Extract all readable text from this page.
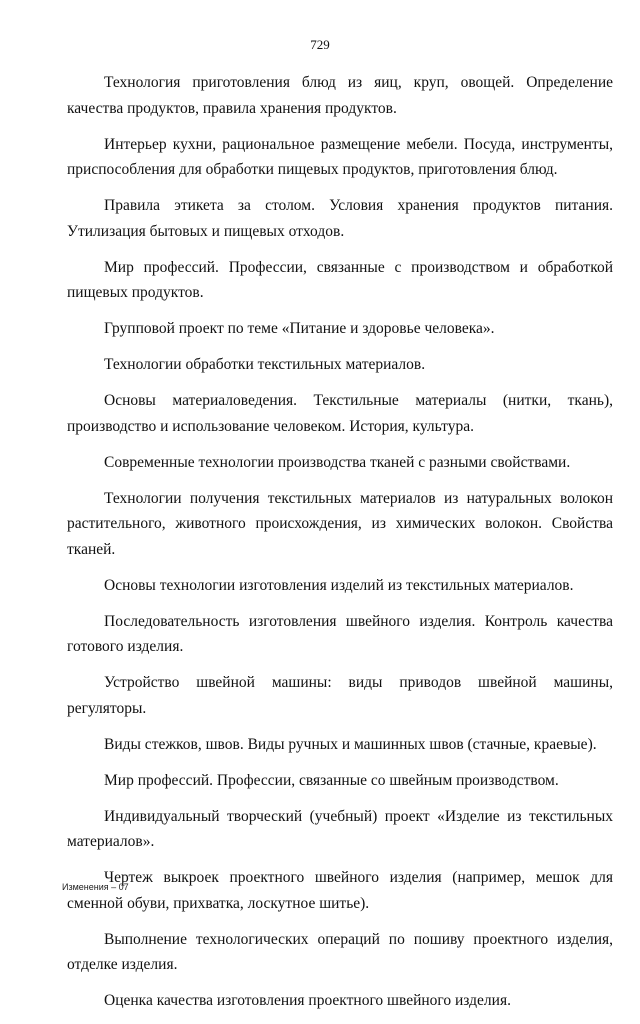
729

Технология приготовления блюд из яиц, круп, овощей. Определение качества продуктов, правила хранения продуктов.

Интерьер кухни, рациональное размещение мебели. Посуда, инструменты, приспособления для обработки пищевых продуктов, приготовления блюд.

Правила этикета за столом. Условия хранения продуктов питания. Утилизация бытовых и пищевых отходов.

Мир профессий. Профессии, связанные с производством и обработкой пищевых продуктов.

Групповой проект по теме «Питание и здоровье человека».

Технологии обработки текстильных материалов.

Основы материаловедения. Текстильные материалы (нитки, ткань), производство и использование человеком. История, культура.

Современные технологии производства тканей с разными свойствами.

Технологии получения текстильных материалов из натуральных волокон растительного, животного происхождения, из химических волокон. Свойства тканей.

Основы технологии изготовления изделий из текстильных материалов.

Последовательность изготовления швейного изделия. Контроль качества готового изделия.

Устройство швейной машины: виды приводов швейной машины, регуляторы.

Виды стежков, швов. Виды ручных и машинных швов (стачные, краевые).

Мир профессий. Профессии, связанные со швейным производством.

Индивидуальный творческий (учебный) проект «Изделие из текстильных материалов».

Чертеж выкроек проектного швейного изделия (например, мешок для сменной обуви, прихватка, лоскутное шитье).

Выполнение технологических операций по пошиву проектного изделия, отделке изделия.

Оценка качества изготовления проектного швейного изделия.

Изменения – 07
